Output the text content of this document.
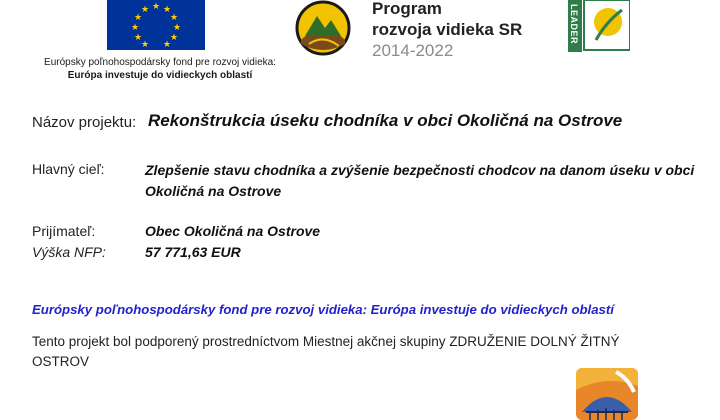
★ ★
★
★
★
★
★
★
★
★
★
Európsky poľnohospodársky fond pre rozvoj vidieka:
Európa investuje do vidieckych oblastí
Program
rozvoja vidieka SR
2014-2022
LEADER
Názov projektu: Rekonštrukcia úseku chodníka v obci Okoličná na Ostrove
Hlavný cieľ:	Zlepšenie stavu chodníka a zvýšenie bezpečnosti chodcov na danom úseku v obci Okoličná na Ostrove
Prijímateľ:	Obec Okoličná na Ostrove
Výška NFP:	57 771,63 EUR
Európsky poľnohospodársky fond pre rozvoj vidieka: Európa investuje do vidieckych oblastí
Tento projekt bol podporený prostredníctvom Miestnej akčnej skupiny ZDRUŽENIE DOLNÝ ŽITNÝ OSTROV
